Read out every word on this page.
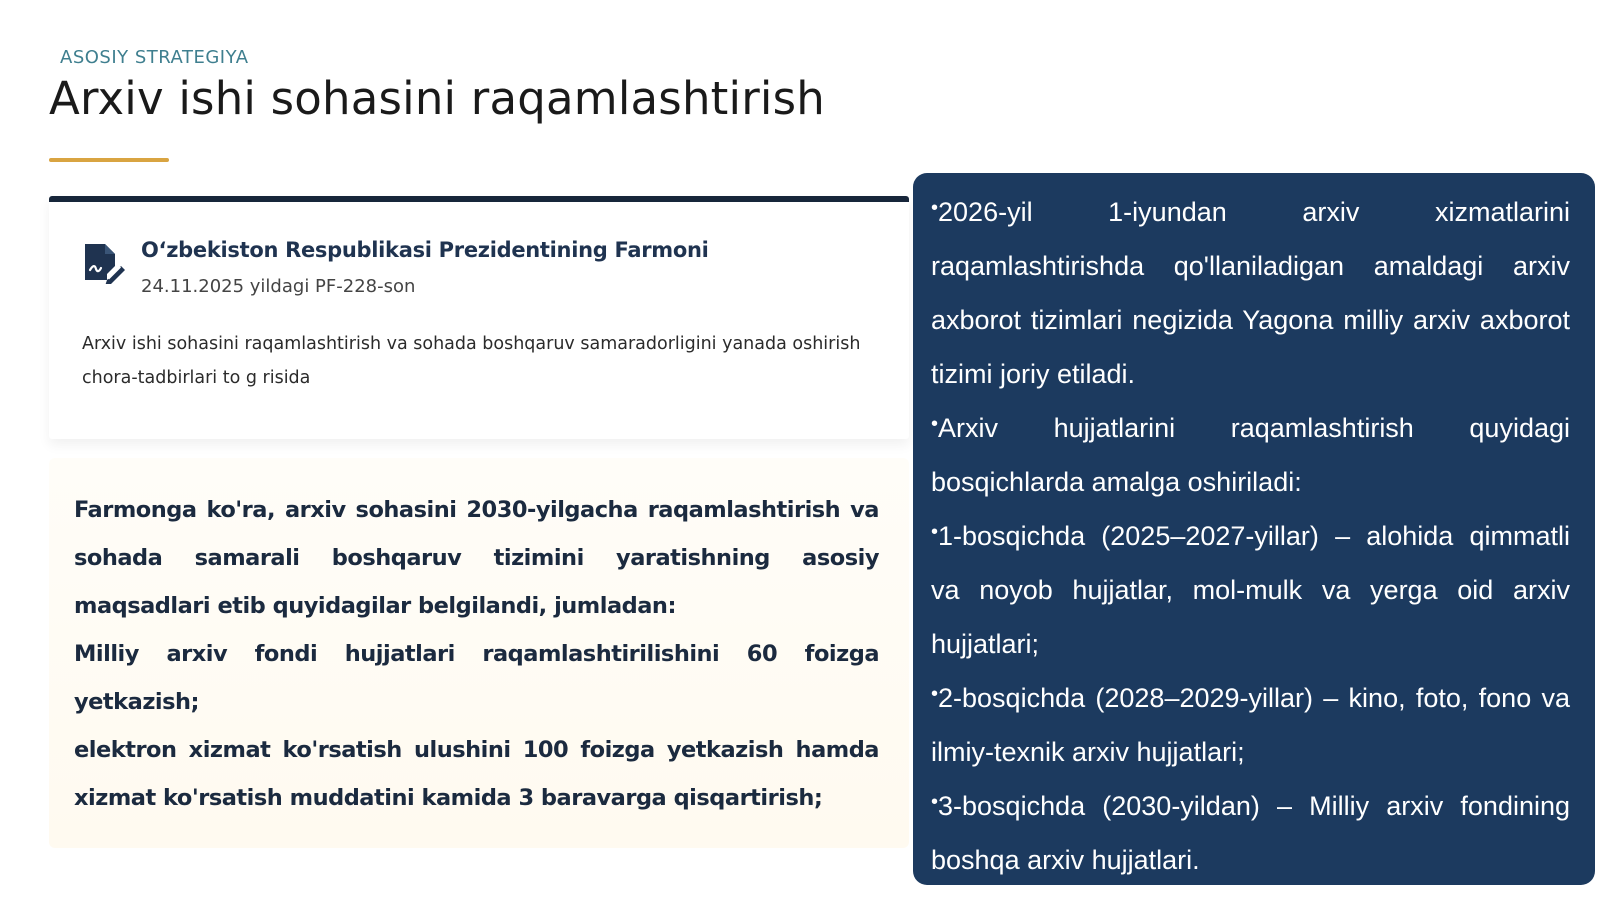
ASOSIY STRATEGIYA
Arxiv ishi sohasini raqamlashtirish
O‘zbekiston Respublikasi Prezidentining Farmoni
24.11.2025 yildagi PF-228-son
Arxiv ishi sohasini raqamlashtirish va sohada boshqaruv samaradorligini yanada oshirish chora-tadbirlari to g risida

Farmonga ko'ra, arxiv sohasini 2030-yilgacha raqamlashtirish va sohada samarali boshqaruv tizimini yaratishning asosiy maqsadlari etib quyidagilar belgilandi, jumladan:

Milliy arxiv fondi hujjatlari raqamlashtirilishini 60 foizga yetkazish;

elektron xizmat ko'rsatish ulushini 100 foizga yetkazish hamda xizmat ko'rsatish muddatini kamida 3 baravarga qisqartirish;

•2026-yil 1-iyundan arxiv xizmatlarini raqamlashtirishda qo'llaniladigan amaldagi arxiv axborot tizimlari negizida Yagona milliy arxiv axborot tizimi joriy etiladi.

•Arxiv hujjatlarini raqamlashtirish quyidagi bosqichlarda amalga oshiriladi:

•1-bosqichda (2025–2027-yillar) – alohida qimmatli va noyob hujjatlar, mol-mulk va yerga oid arxiv hujjatlari;

•2-bosqichda (2028–2029-yillar) – kino, foto, fono va ilmiy-texnik arxiv hujjatlari;

•3-bosqichda (2030-yildan) – Milliy arxiv fondining boshqa arxiv hujjatlari.
